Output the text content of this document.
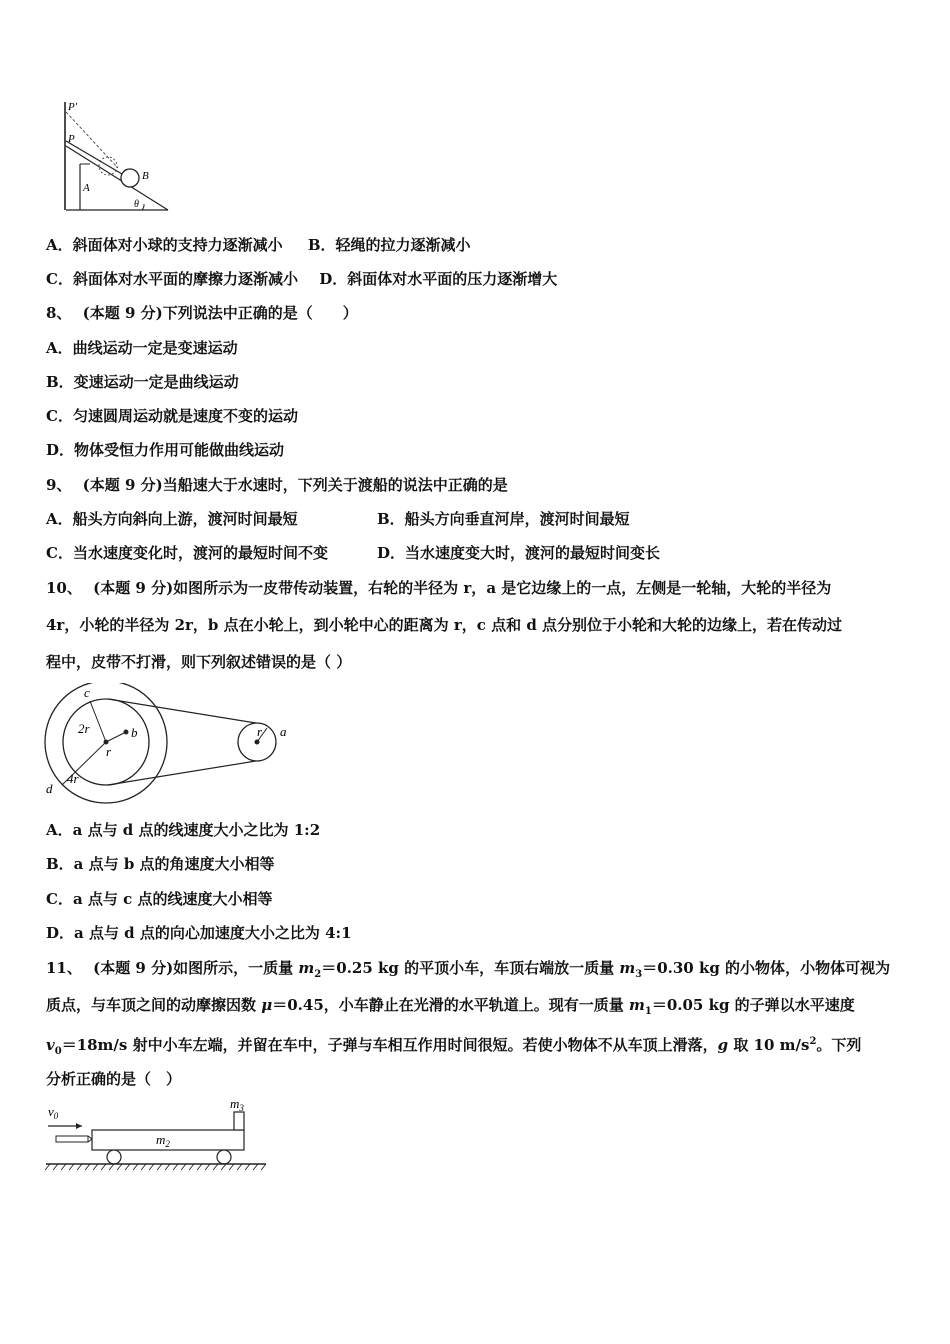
P′
P
A
B
θ
A．斜面体对小球的支持力逐渐减小 B．轻绳的拉力逐渐减小
C．斜面体对水平面的摩擦力逐渐减小 D．斜面体对水平面的压力逐渐增大
8、 (本题 9 分)下列说法中正确的是（　　）
A．曲线运动一定是变速运动
B．变速运动一定是曲线运动
C．匀速圆周运动就是速度不变的运动
D．物体受恒力作用可能做曲线运动
9、 (本题 9 分)当船速大于水速时，下列关于渡船的说法中正确的是
A．船头方向斜向上游，渡河时间最短	B．船头方向垂直河岸，渡河时间最短
C．当水速度变化时，渡河的最短时间不变	D．当水速度变大时，渡河的最短时间变长
10、 (本题 9 分)如图所示为一皮带传动装置，右轮的半径为 r，a 是它边缘上的一点，左侧是一轮轴，大轮的半径为
4r，小轮的半径为 2r，b 点在小轮上，到小轮中心的距离为 r，c 点和 d 点分别位于小轮和大轮的边缘上，若在传动过
程中，皮带不打滑，则下列叙述错误的是（ ）
c
2r	b
r
4r
d
r a
A．a 点与 d 点的线速度大小之比为 1:2
B．a 点与 b 点的角速度大小相等
C．a 点与 c 点的线速度大小相等
D．a 点与 d 点的向心加速度大小之比为 4:1
11、 (本题 9 分)如图所示，一质量 $m_2=0.25$ kg 的平顶小车，车顶右端放一质量 $m_3=0.30$ kg 的小物体，小物体可视为
质点，与车顶之间的动摩擦因数 μ＝0.45，小车静止在光滑的水平轨道上。现有一质量 $m_1=0.05$ kg 的子弹以水平速度
$v_0=18m/s$ 射中小车左端，并留在车中，子弹与车相互作用时间很短。若使小物体不从车顶上滑落，g 取 10 $m/s^2$。下列
分析正确的是（　）
$v_0$
$m_3$
$m_2$
